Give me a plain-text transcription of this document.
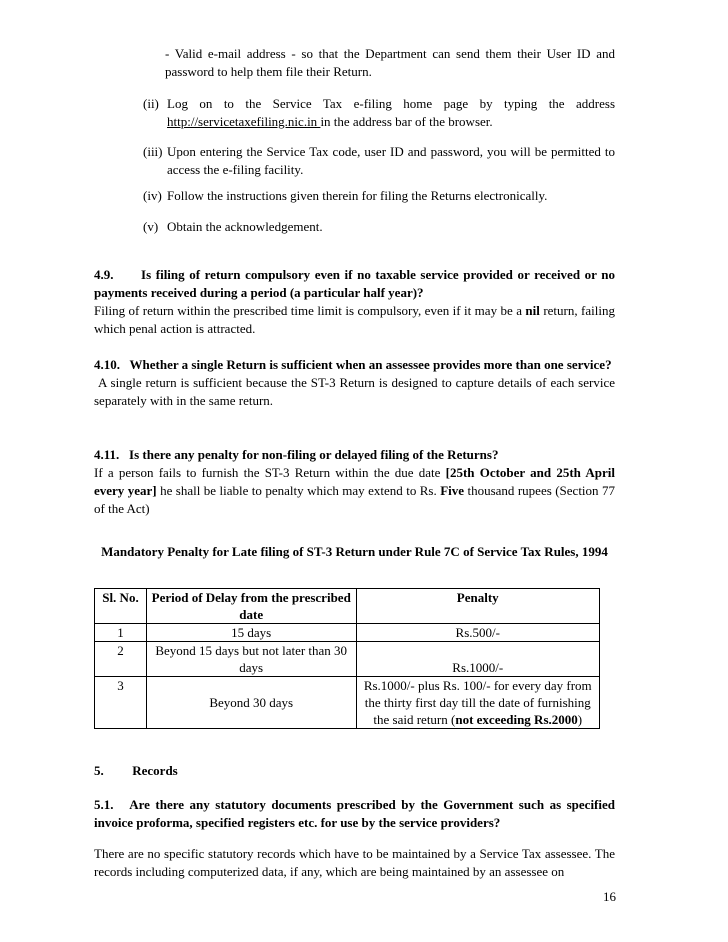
- Valid e-mail address - so that the Department can send them their User ID and password to help them file their Return.
(ii) Log on to the Service Tax e-filing home page by typing the address http://servicetaxefiling.nic.in in the address bar of the browser.
(iii) Upon entering the Service Tax code, user ID and password, you will be permitted to access the e-filing facility.
(iv) Follow the instructions given therein for filing the Returns electronically.
(v) Obtain the acknowledgement.
4.9.      Is filing of return compulsory even if no taxable service provided or received or no payments received during a period (a particular half year)?
Filing of return within the prescribed time limit is compulsory, even if it may be a nil return, failing which penal action is attracted.
4.10.   Whether a single Return is sufficient when an assessee provides more than one service?
A single return is sufficient because the ST-3 Return is designed to capture details of each service separately with in the same return.
4.11.   Is there any penalty for non-filing or delayed filing of the Returns?
If a person fails to furnish the ST-3 Return within the due date [25th October and 25th April every year] he shall be liable to penalty which may extend to Rs. Five thousand rupees (Section 77 of the Act)
Mandatory Penalty for Late filing of ST-3 Return under Rule 7C of Service Tax Rules, 1994
Sl. No.	Period of Delay from the prescribed date	Penalty
1	15 days	Rs.500/-
2	Beyond 15 days but not later than 30 days	Rs.1000/-
3	Beyond 30 days	Rs.1000/- plus Rs. 100/- for every day from the thirty first day till the date of furnishing the said return (not exceeding Rs.2000)
5. Records
5.1.   Are there any statutory documents prescribed by the Government such as specified invoice proforma, specified registers etc. for use by the service providers?
There are no specific statutory records which have to be maintained by a Service Tax assessee. The records including computerized data, if any, which are being maintained by an assessee on
16
